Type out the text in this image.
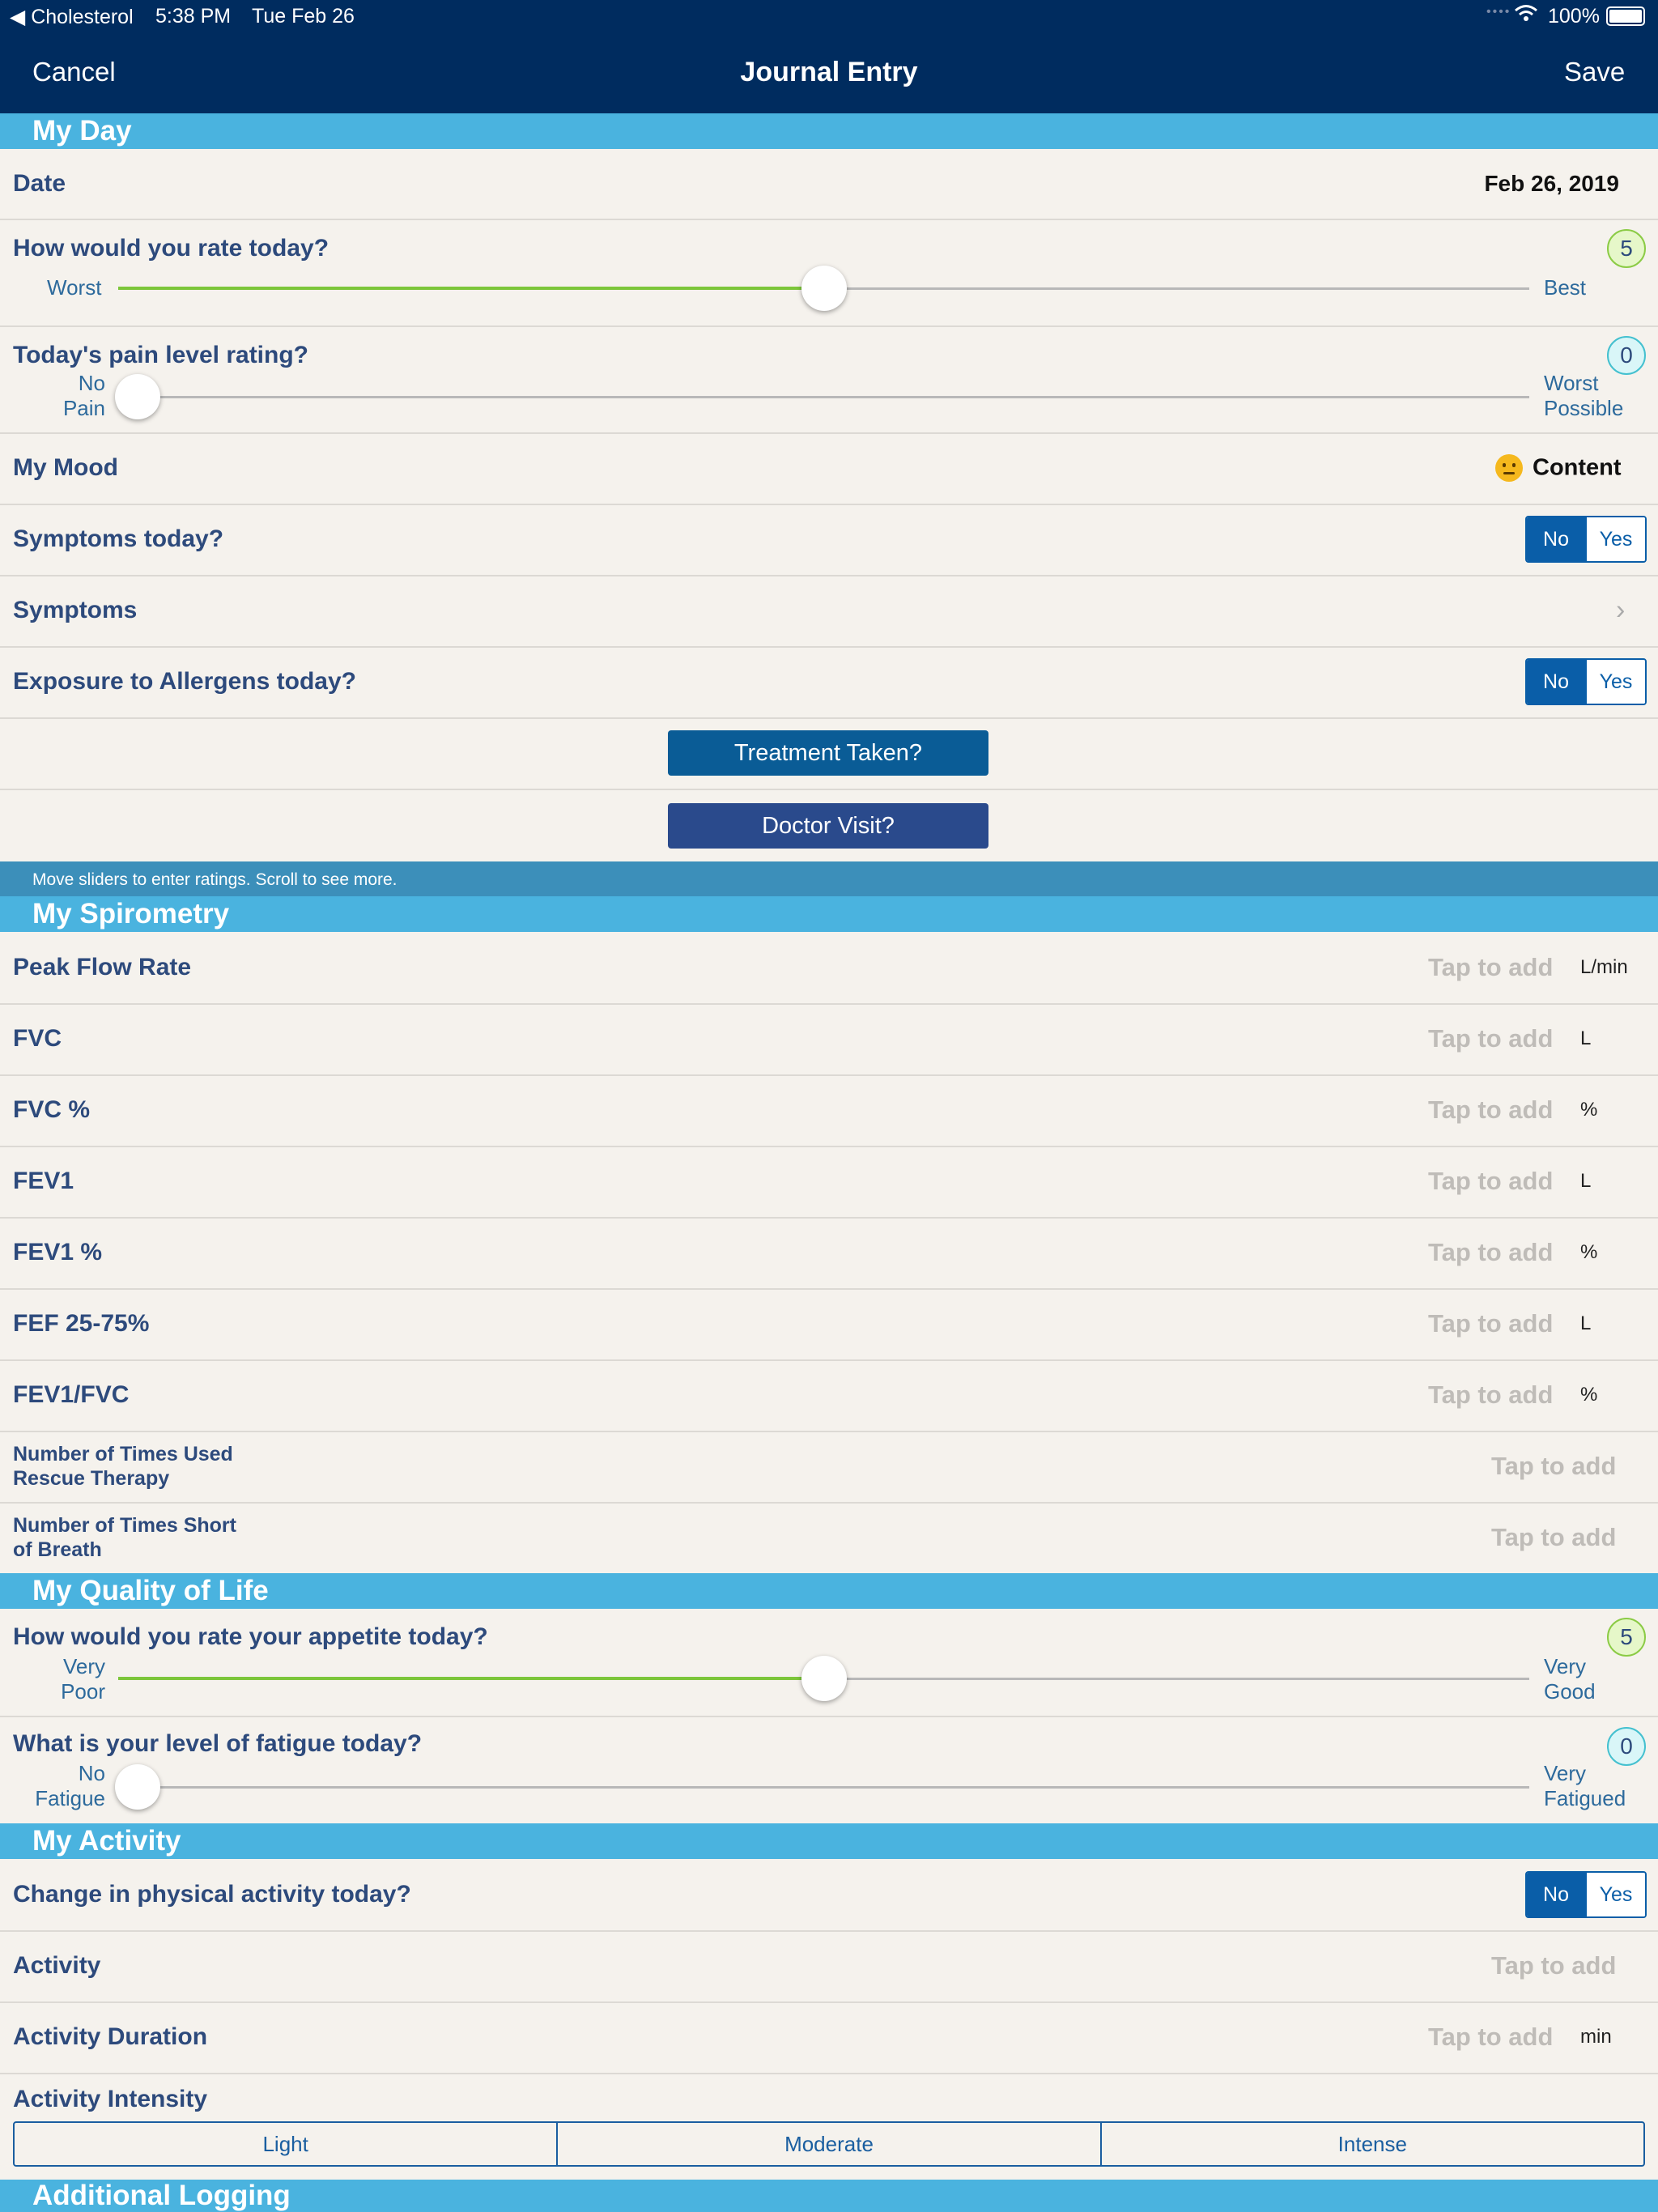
◀ Cholesterol 5:38 PM Tue Feb 26	•••• 100%
Cancel	Journal Entry	Save
My Day
Date	Feb 26, 2019
How would you rate today?	5
Worst	Best
Today's pain level rating?	0
No
Pain
Worst
Possible
My Mood	Content
Symptoms today?	No	Yes
Symptoms	›
Exposure to Allergens today?	No	Yes
Treatment Taken?
Doctor Visit?
Move sliders to enter ratings. Scroll to see more.
My Spirometry
Peak Flow Rate	Tap to add L/min
FVC	Tap to add L
FVC %	Tap to add %
FEV1	Tap to add L
FEV1 %	Tap to add %
FEF 25-75%	Tap to add L
FEV1/FVC	Tap to add %
Number of Times Used
Rescue Therapy	Tap to add
Number of Times Short
of Breath	Tap to add
My Quality of Life
How would you rate your appetite today?	5
Very
Poor
Very
Good
What is your level of fatigue today?	0
No
Fatigue
Very
Fatigued
My Activity
Change in physical activity today?	No	Yes
Activity	Tap to add
Activity Duration	Tap to add min
Activity Intensity
Light	Moderate	Intense
Additional Logging
